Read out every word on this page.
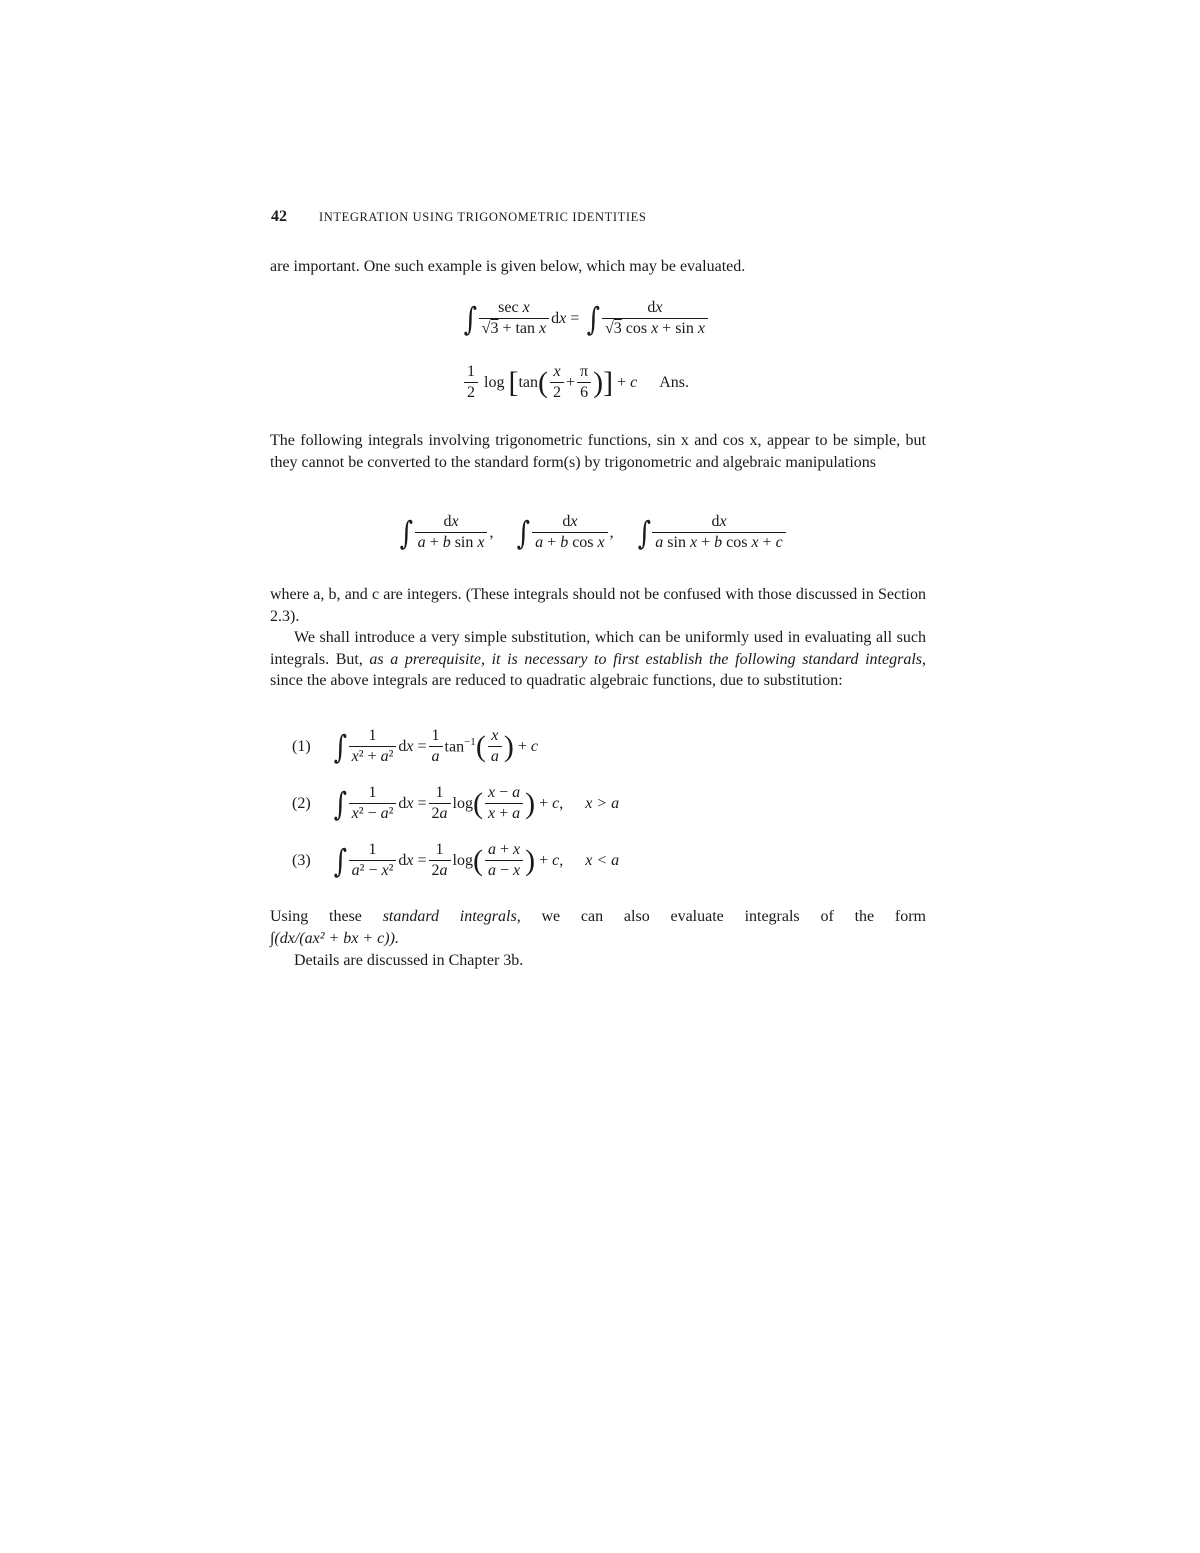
42	INTEGRATION USING TRIGONOMETRIC IDENTITIES
are important. One such example is given below, which may be evaluated.
∫ $\frac{\text{sec x}}{\text{√3 + tan x}}$ dx = ∫ $\frac{dx}{\text{√3 cos x + sin x}}$
$\frac{1}{2}$ log [ tan ( $\frac{x}{2} + \frac{\pi}{6}$ )] + c Ans.
The following integrals involving trigonometric functions, sin x and cos x, appear to be simple, but they cannot be converted to the standard form(s) by trigonometric and algebraic manipulations
∫ $\frac{dx}{\text{a + b sin x}}$ , ∫ $\frac{dx}{\text{a + b cos x}}$ , ∫ $\frac{dx}{\text{a sin x + b cos x + c}}$
where a, b, and c are integers. (These integrals should not be confused with those discussed in Section 2.3).
We shall introduce a very simple substitution, which can be uniformly used in evaluating all such integrals. But, as a prerequisite, it is necessary to first establish the following standard integrals, since the above integrals are reduced to quadratic algebraic functions, due to substitution:
(1) ∫ $\frac{1}{\text{x² + a²}}$ dx = $\frac{1}{a} \tan^{-1}$ ( $\frac{x}{a}$ ) + c
(2) ∫ $\frac{1}{\text{x² − a²}}$ dx = $\frac{1}{2a}$ log ( $\frac{x - a}{x + a}$ ) + c, x > a
(3) ∫ $\frac{1}{\text{a² − x²}}$ dx = $\frac{1}{2a}$ log ( $\frac{a + x}{a - x}$ ) + c, x < a
Using these standard integrals, we can also evaluate integrals of the form
∫(dx/(ax² + bx + c)).
Details are discussed in Chapter 3b.
